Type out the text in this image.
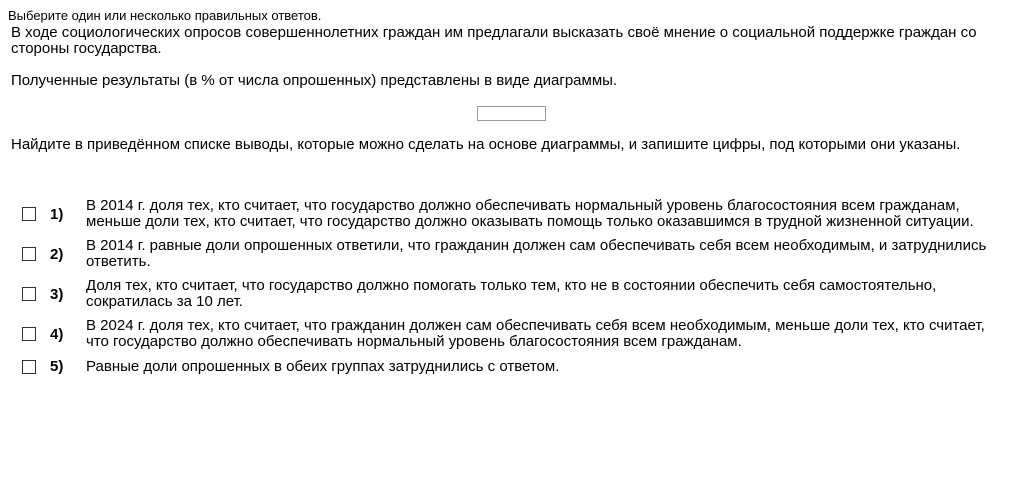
Выберите один или несколько правильных ответов.
В ходе социологических опросов совершеннолетних граждан им предлагали высказать своё мнение о социальной поддержке граждан со стороны государства.
Полученные результаты (в % от числа опрошенных) представлены в виде диаграммы.
Найдите в приведённом списке выводы, которые можно сделать на основе диаграммы, и запишите цифры, под которыми они указаны.
1)	В 2014 г. доля тех, кто считает, что государство должно обеспечивать нормальный уровень благосостояния всем гражданам, меньше доли тех, кто считает, что государство должно оказывать помощь только оказавшимся в трудной жизненной ситуации.
2)	В 2014 г. равные доли опрошенных ответили, что гражданин должен сам обеспечивать себя всем необходимым, и затруднились ответить.
3)	Доля тех, кто считает, что государство должно помогать только тем, кто не в состоянии обеспечить себя самостоятельно, сократилась за 10 лет.
4)	В 2024 г. доля тех, кто считает, что гражданин должен сам обеспечивать себя всем необходимым, меньше доли тех, кто считает, что государство должно обеспечивать нормальный уровень благосостояния всем гражданам.
5)	Равные доли опрошенных в обеих группах затруднились с ответом.
